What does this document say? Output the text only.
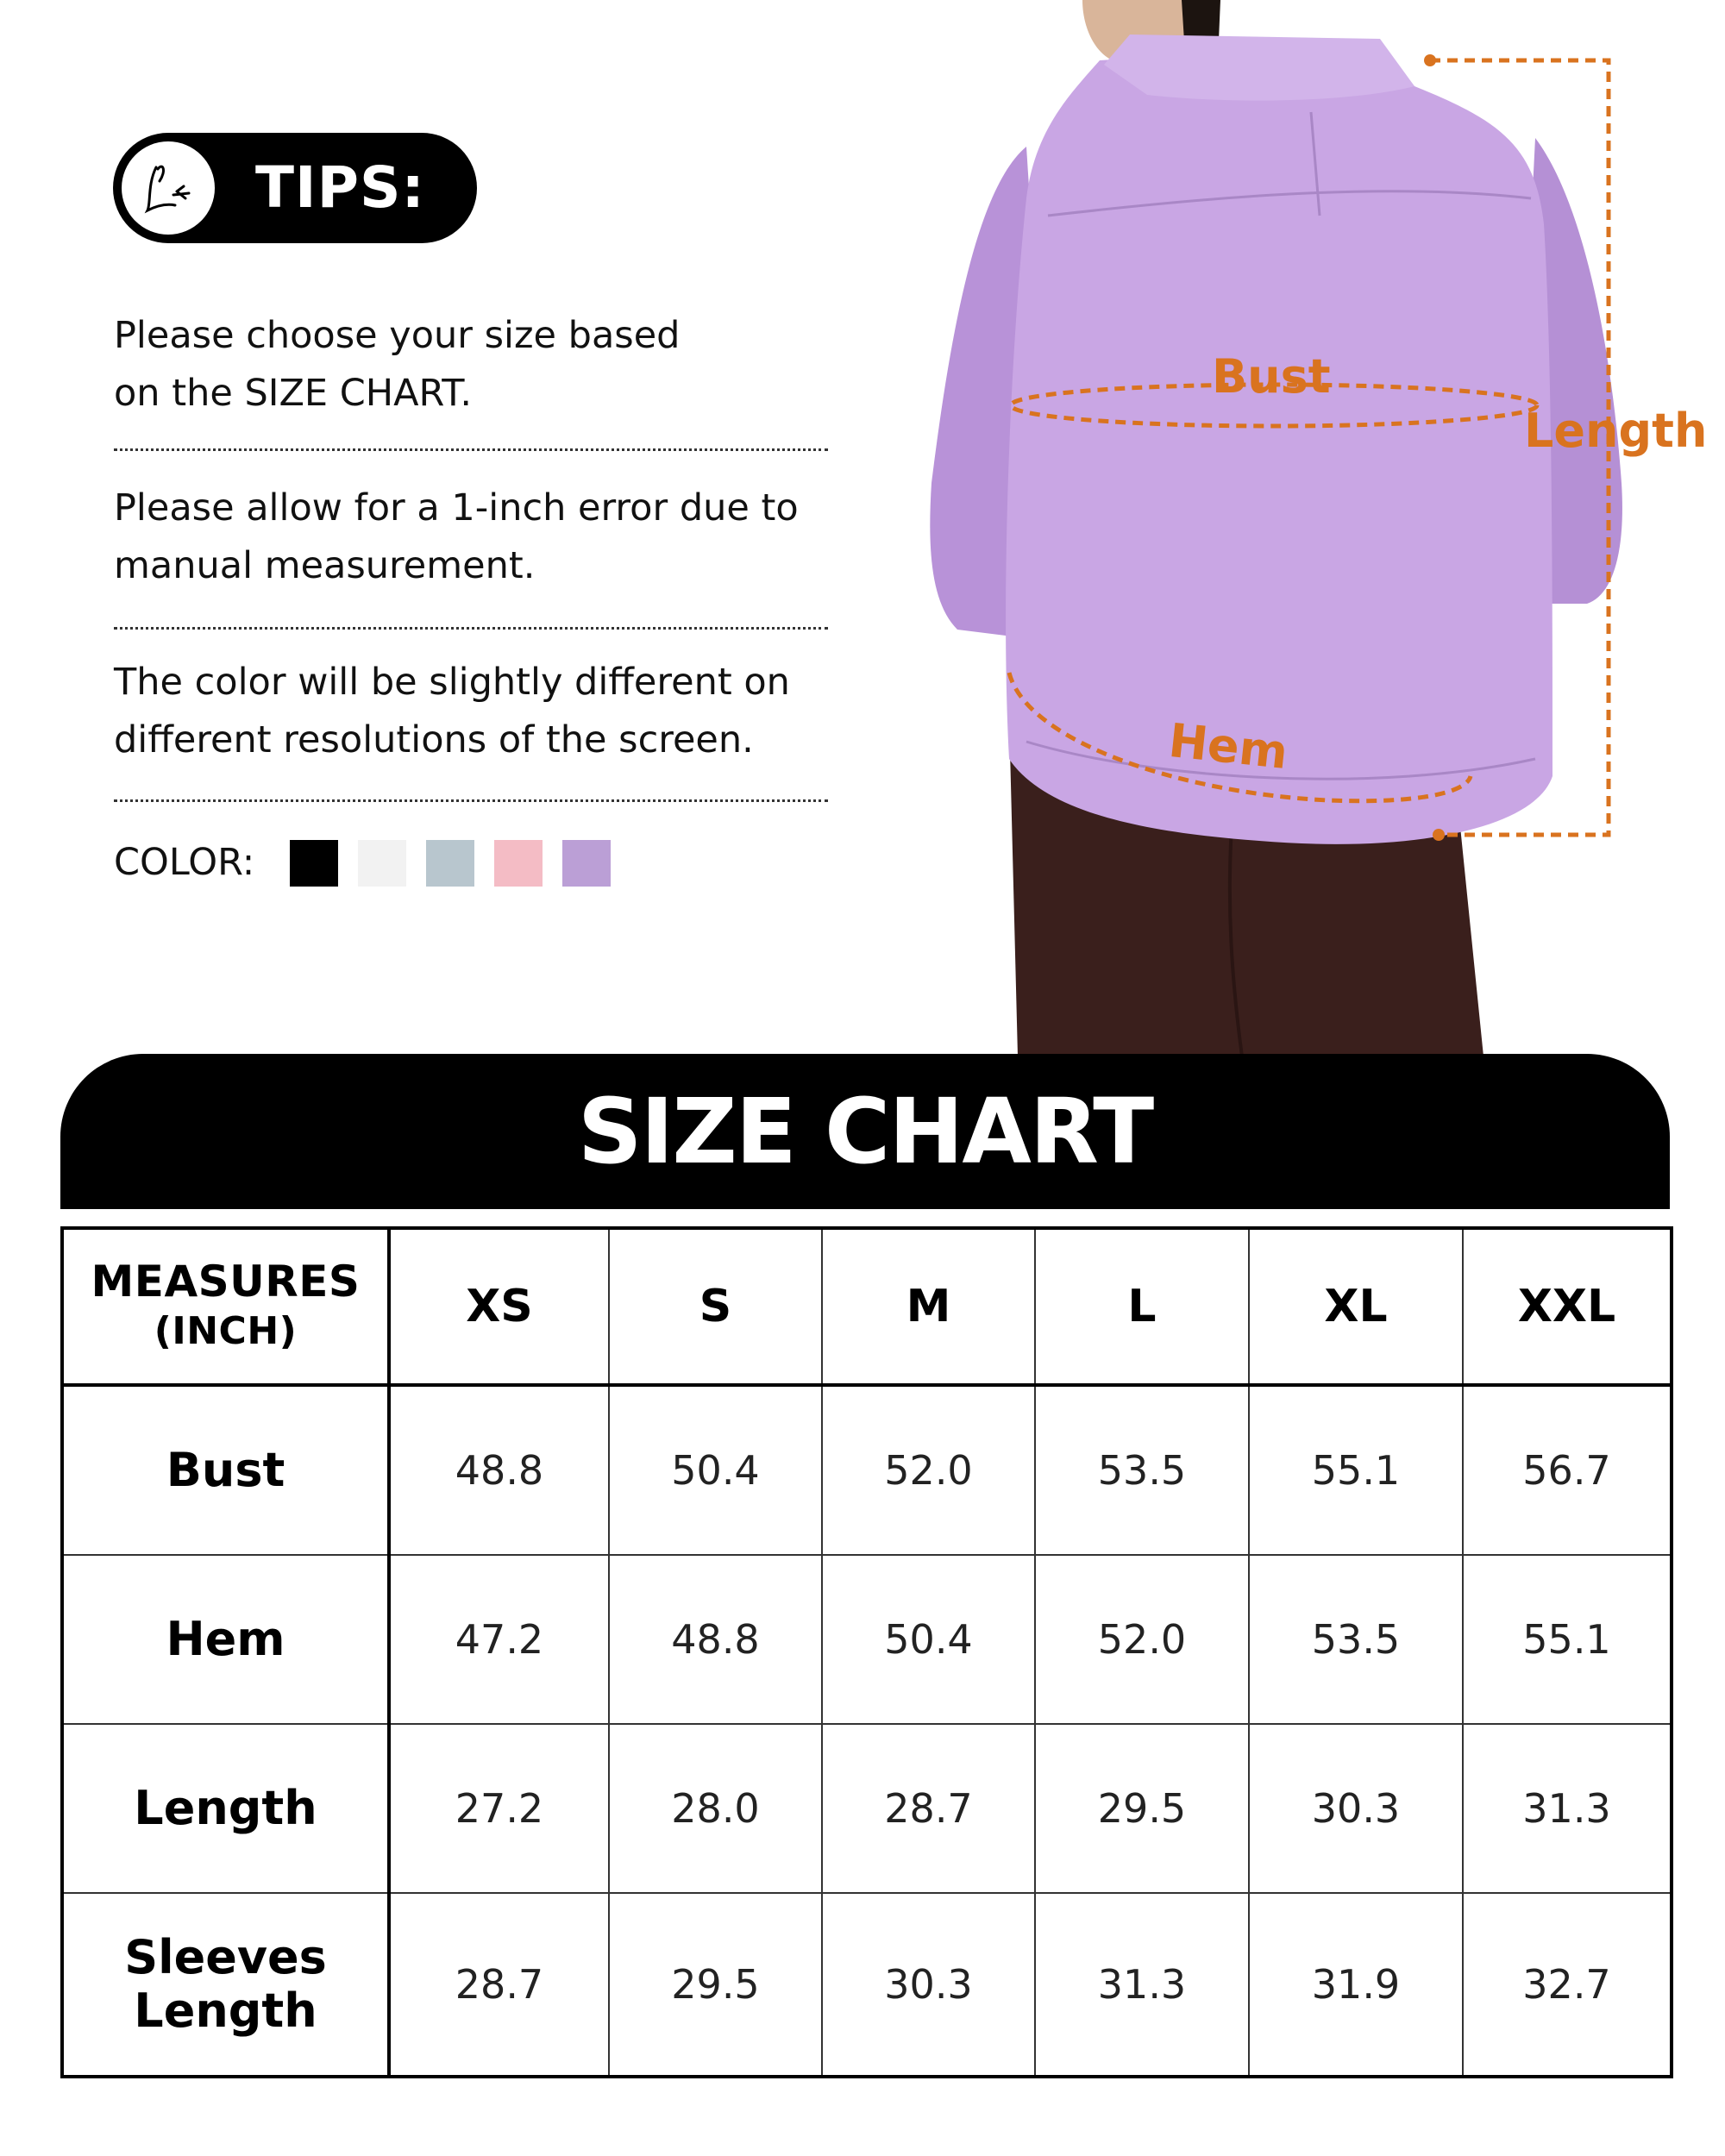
TIPS:
Please choose your size based
on the SIZE CHART.
Please allow for a 1-inch error due to
manual measurement.
The color will be slightly different on
different resolutions of the screen.
COLOR:
Bust
Length
Hem
SIZE CHART
MEASURES
(INCH)	XS	S	M	L	XL	XXL

Bust	48.8	50.4	52.0	53.5	55.1	56.7

Hem	47.2	48.8	50.4	52.0	53.5	55.1

Length	27.2	28.0	28.7	29.5	30.3	31.3

Sleeves
Length	28.7	29.5	30.3	31.3	31.9	32.7
